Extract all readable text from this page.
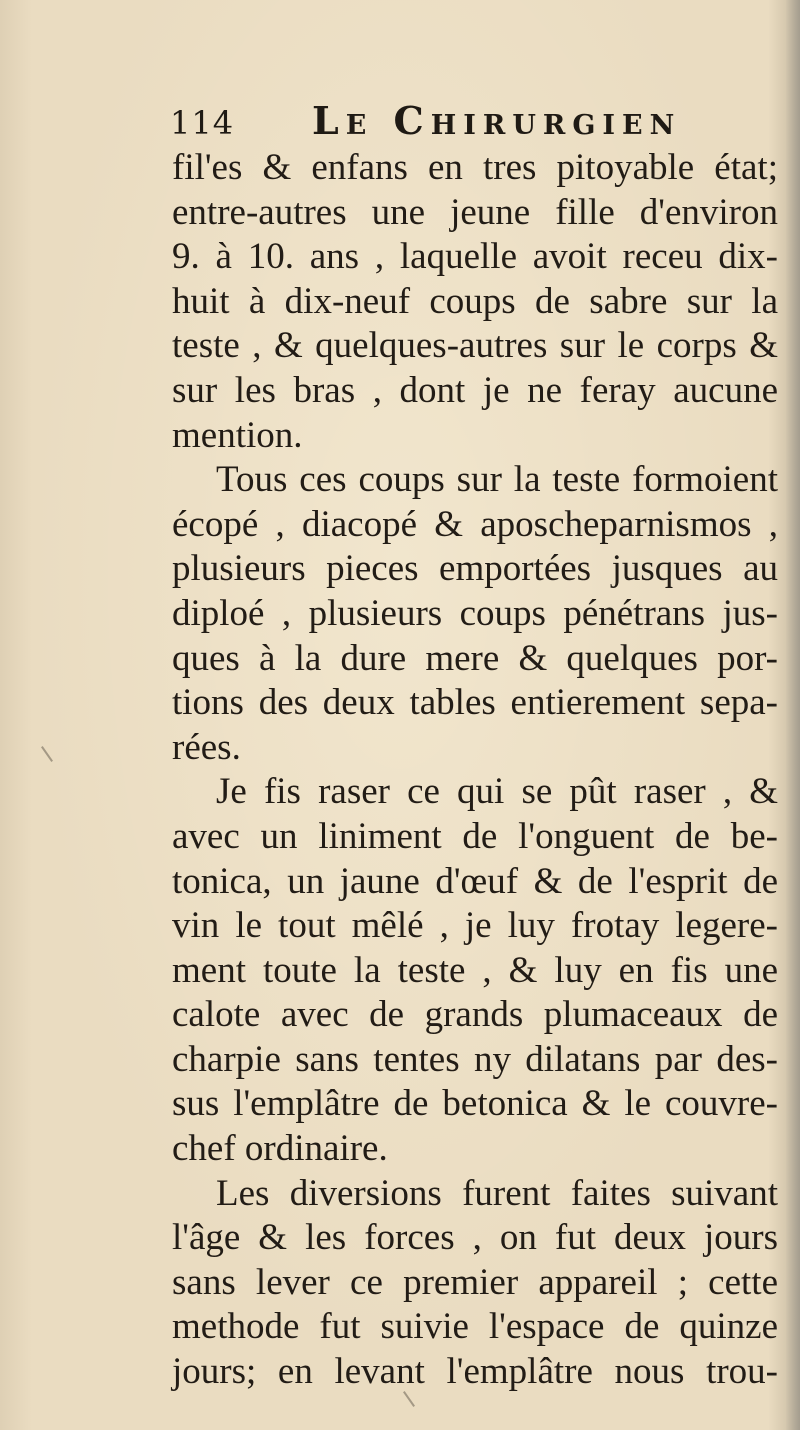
114 Le Chirurgien
fil'es & enfans en tres pitoyable état;
entre-autres une jeune fille d'environ
9. à 10. ans , laquelle avoit receu dix-
huit à dix-neuf coups de sabre sur la
teste , & quelques-autres sur le corps &
sur les bras , dont je ne feray aucune
mention.
Tous ces coups sur la teste formoient
écopé , diacopé & aposcheparnismos ,
plusieurs pieces emportées jusques au
diploé , plusieurs coups pénétrans jus-
ques à la dure mere & quelques por-
tions des deux tables entierement sepa-
rées.
Je fis raser ce qui se pût raser , &
avec un liniment de l'onguent de be-
tonica, un jaune d'œuf & de l'esprit de
vin le tout mêlé , je luy frotay legere-
ment toute la teste , & luy en fis une
calote avec de grands plumaceaux de
charpie sans tentes ny dilatans par des-
sus l'emplâtre de betonica & le couvre-
chef ordinaire.
Les diversions furent faites suivant
l'âge & les forces , on fut deux jours
sans lever ce premier appareil ; cette
methode fut suivie l'espace de quinze
jours; en levant l'emplâtre nous trou-
